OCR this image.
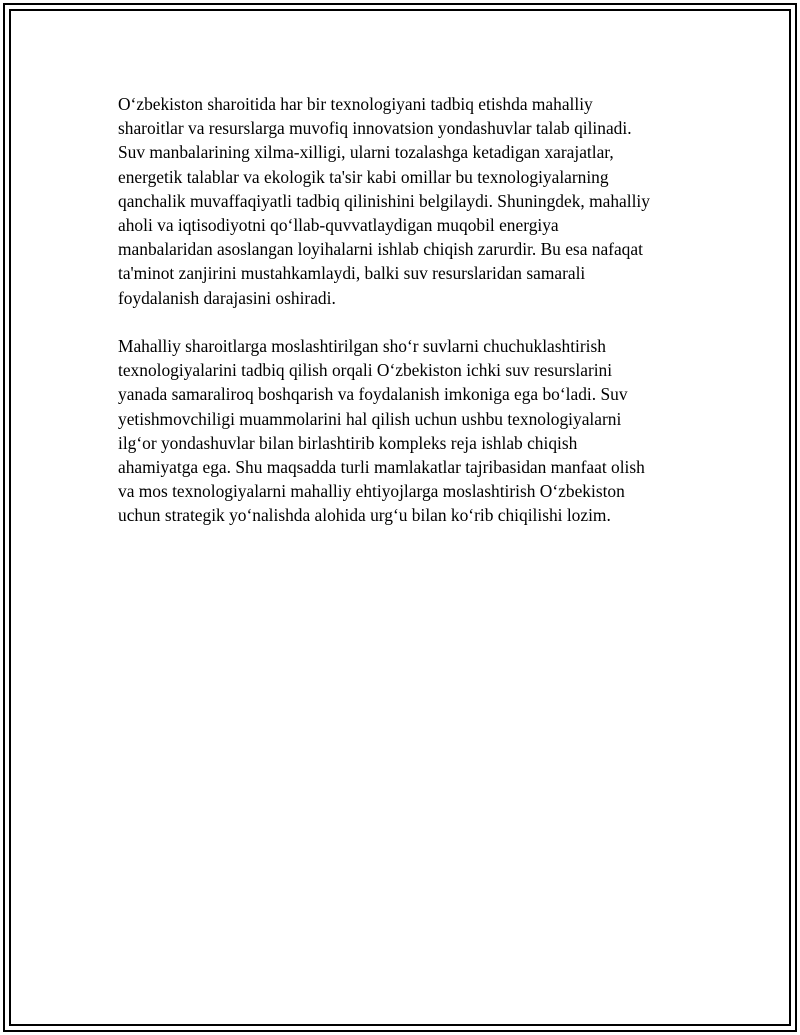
O‘zbekiston sharoitida har bir texnologiyani tadbiq etishda mahalliy
sharoitlar va resurslarga muvofiq innovatsion yondashuvlar talab qilinadi.
Suv manbalarining xilma-xilligi, ularni tozalashga ketadigan xarajatlar,
energetik talablar va ekologik ta'sir kabi omillar bu texnologiyalarning
qanchalik muvaffaqiyatli tadbiq qilinishini belgilaydi. Shuningdek, mahalliy
aholi va iqtisodiyotni qo‘llab-quvvatlaydigan muqobil energiya
manbalaridan asoslangan loyihalarni ishlab chiqish zarurdir. Bu esa nafaqat
ta'minot zanjirini mustahkamlaydi, balki suv resurslaridan samarali
foydalanish darajasini oshiradi.

Mahalliy sharoitlarga moslashtirilgan sho‘r suvlarni chuchuklashtirish
texnologiyalarini tadbiq qilish orqali O‘zbekiston ichki suv resurslarini
yanada samaraliroq boshqarish va foydalanish imkoniga ega bo‘ladi. Suv
yetishmovchiligi muammolarini hal qilish uchun ushbu texnologiyalarni
ilg‘or yondashuvlar bilan birlashtirib kompleks reja ishlab chiqish
ahamiyatga ega. Shu maqsadda turli mamlakatlar tajribasidan manfaat olish
va mos texnologiyalarni mahalliy ehtiyojlarga moslashtirish O‘zbekiston
uchun strategik yo‘nalishda alohida urg‘u bilan ko‘rib chiqilishi lozim.
